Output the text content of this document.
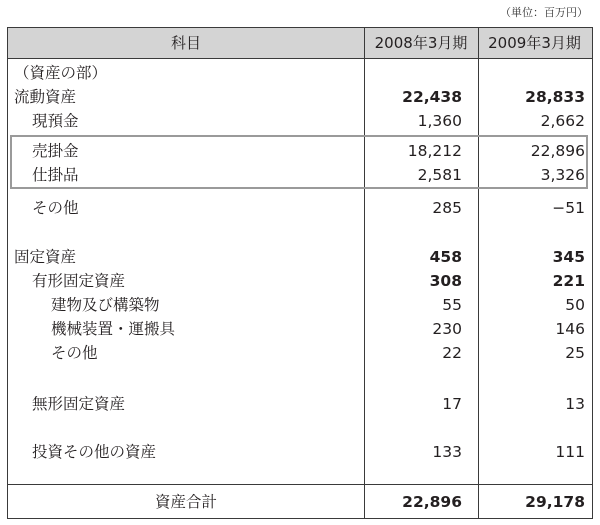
（単位：百万円）
科目	2008年3月期	2009年3月期
（資産の部）
流動資産	22,438	28,833
現預金	1,360	2,662
売掛金	18,212	22,896
仕掛品	2,581	3,326
その他	285	−51
固定資産	458	345
有形固定資産	308	221
建物及び構築物	55	50
機械装置・運搬具	230	146
その他	22	25
無形固定資産	17	13
投資その他の資産	133	111
資産合計	22,896	29,178
